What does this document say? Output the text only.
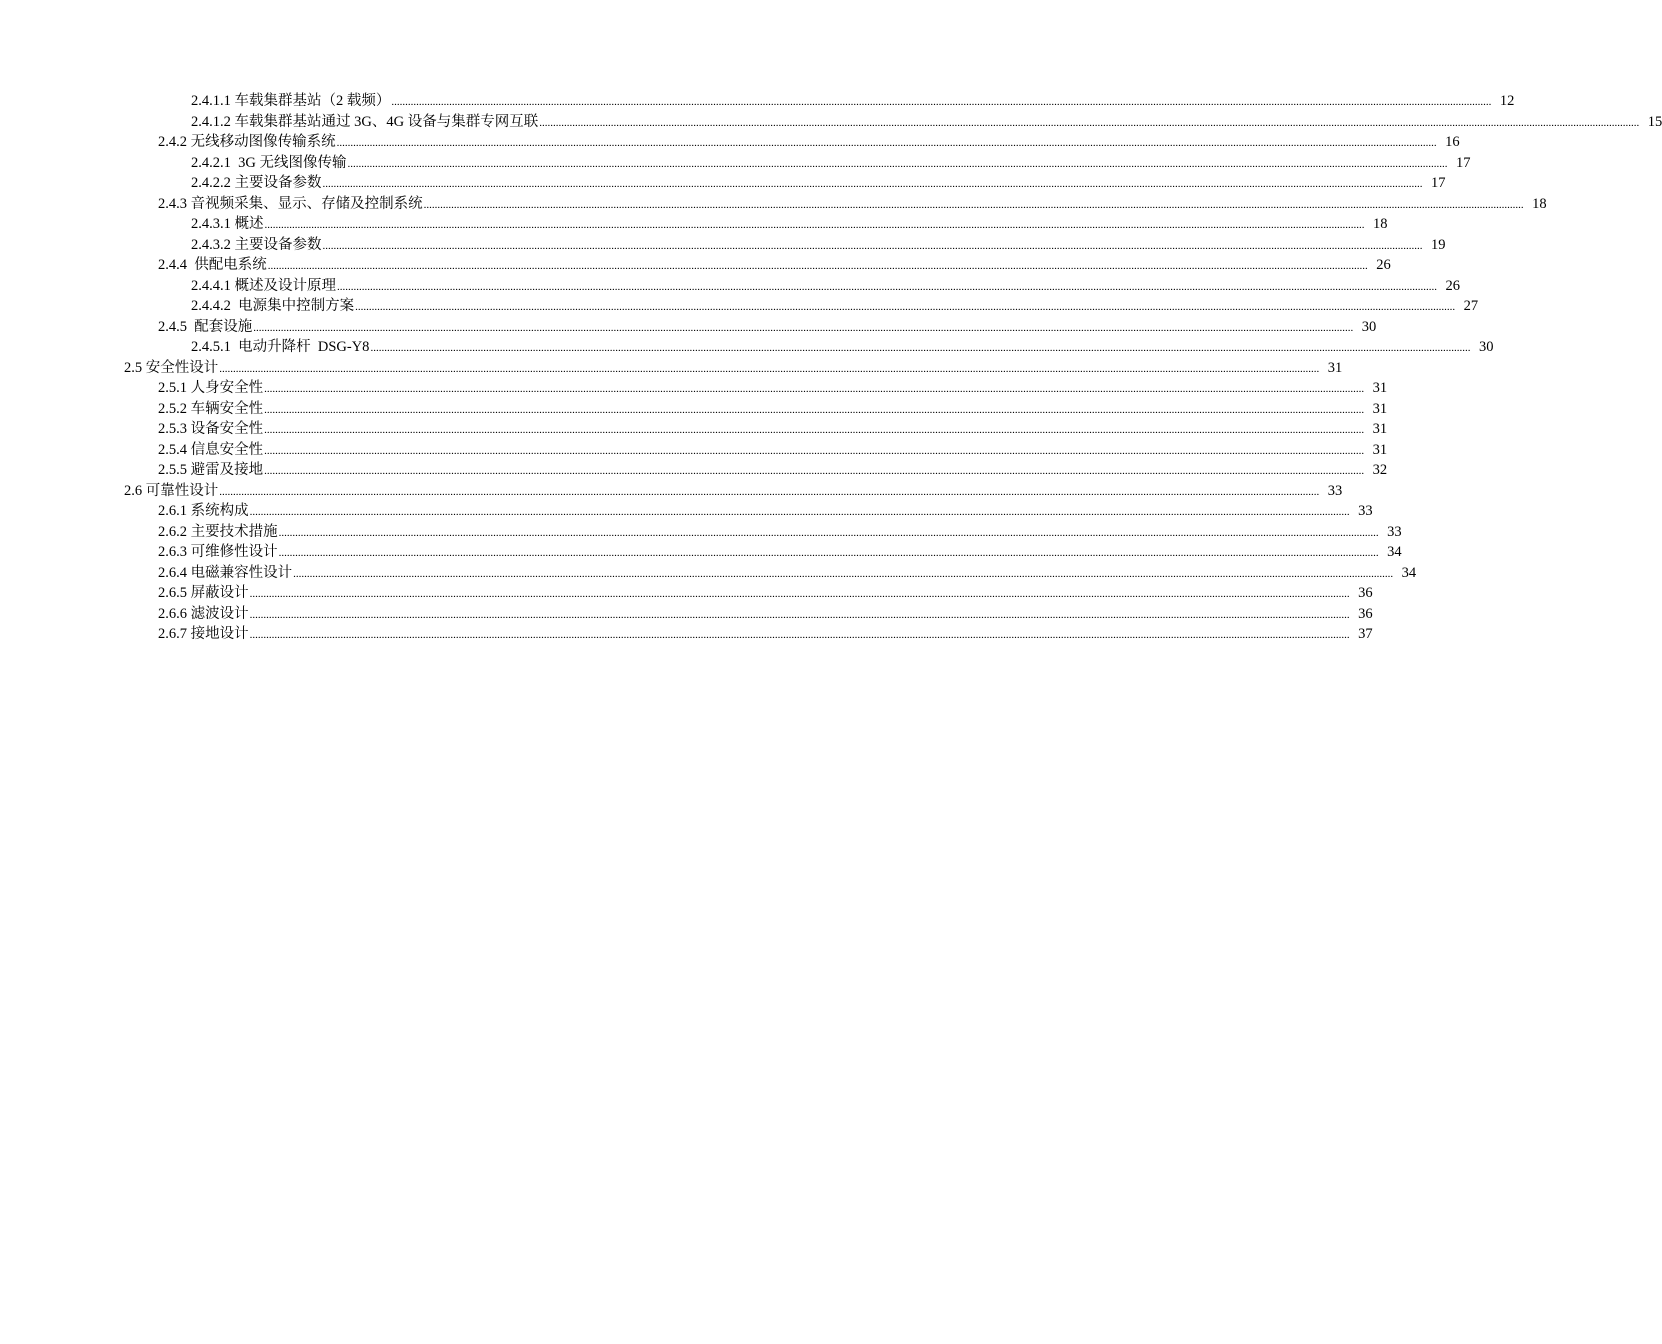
2.4.1.1 车载集群基站（2 载频） ................................................................................................................................................................................................................................................................................................................................................................................................................ 12
2.4.1.2 车载集群基站通过 3G、4G 设备与集群专网互联 ................................................................................................................................................................................................................................................................................................................................................................................................................ 15
2.4.2 无线移动图像传输系统 ................................................................................................................................................................................................................................................................................................................................................................................................................ 16
2.4.2.1  3G 无线图像传输 ................................................................................................................................................................................................................................................................................................................................................................................................................ 17
2.4.2.2 主要设备参数 ................................................................................................................................................................................................................................................................................................................................................................................................................ 17
2.4.3 音视频采集、显示、存储及控制系统 ................................................................................................................................................................................................................................................................................................................................................................................................................ 18
2.4.3.1 概述 ................................................................................................................................................................................................................................................................................................................................................................................................................ 18
2.4.3.2 主要设备参数 ................................................................................................................................................................................................................................................................................................................................................................................................................ 19
2.4.4  供配电系统 ................................................................................................................................................................................................................................................................................................................................................................................................................ 26
2.4.4.1 概述及设计原理 ................................................................................................................................................................................................................................................................................................................................................................................................................ 26
2.4.4.2  电源集中控制方案 ................................................................................................................................................................................................................................................................................................................................................................................................................ 27
2.4.5  配套设施 ................................................................................................................................................................................................................................................................................................................................................................................................................ 30
2.4.5.1  电动升降杆  DSG-Y8 ................................................................................................................................................................................................................................................................................................................................................................................................................ 30
2.5 安全性设计 ................................................................................................................................................................................................................................................................................................................................................................................................................ 31
2.5.1 人身安全性 ................................................................................................................................................................................................................................................................................................................................................................................................................ 31
2.5.2 车辆安全性 ................................................................................................................................................................................................................................................................................................................................................................................................................ 31
2.5.3 设备安全性 ................................................................................................................................................................................................................................................................................................................................................................................................................ 31
2.5.4 信息安全性 ................................................................................................................................................................................................................................................................................................................................................................................................................ 31
2.5.5 避雷及接地 ................................................................................................................................................................................................................................................................................................................................................................................................................ 32
2.6 可靠性设计 ................................................................................................................................................................................................................................................................................................................................................................................................................ 33
2.6.1 系统构成 ................................................................................................................................................................................................................................................................................................................................................................................................................ 33
2.6.2 主要技术措施 ................................................................................................................................................................................................................................................................................................................................................................................................................ 33
2.6.3 可维修性设计 ................................................................................................................................................................................................................................................................................................................................................................................................................ 34
2.6.4 电磁兼容性设计 ................................................................................................................................................................................................................................................................................................................................................................................................................ 34
2.6.5 屏蔽设计 ................................................................................................................................................................................................................................................................................................................................................................................................................ 36
2.6.6 滤波设计 ................................................................................................................................................................................................................................................................................................................................................................................................................ 36
2.6.7 接地设计 ................................................................................................................................................................................................................................................................................................................................................................................................................ 37
